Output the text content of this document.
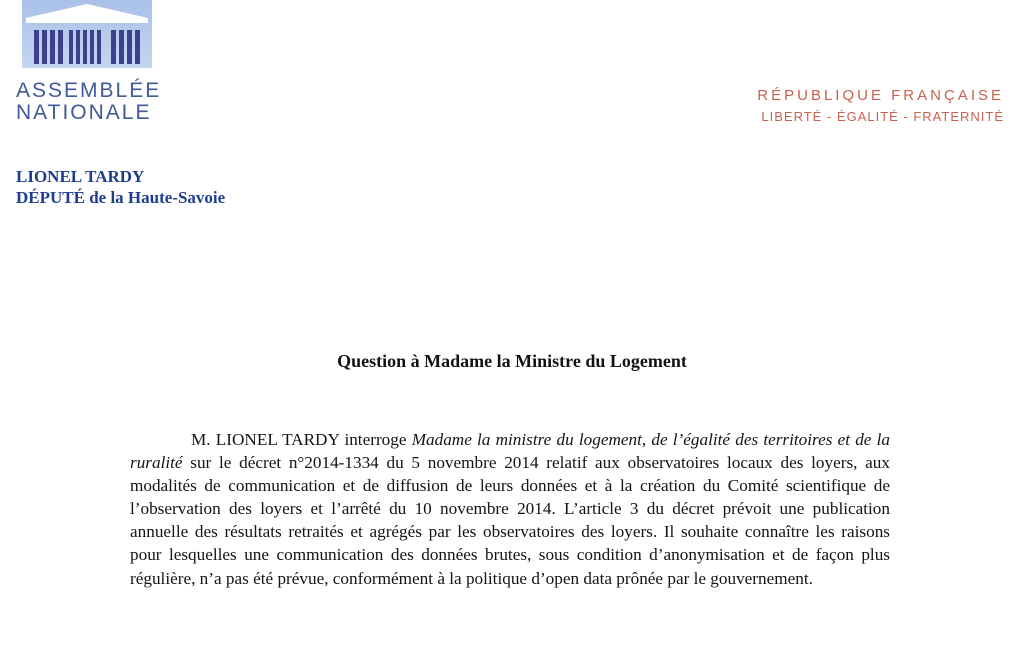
ASSEMBLÉE
NATIONALE
RÉPUBLIQUE FRANÇAISE
LIBERTÉ - ÉGALITÉ - FRATERNITÉ
LIONEL TARDY
DÉPUTÉ de la Haute-Savoie
Question à Madame la Ministre du Logement

M. LIONEL TARDY interroge Madame la ministre du logement, de l’égalité des territoires et de la ruralité sur le décret n°2014-1334 du 5 novembre 2014 relatif aux observatoires locaux des loyers, aux modalités de communication et de diffusion de leurs données et à la création du Comité scientifique de l’observation des loyers et l’arrêté du 10 novembre 2014. L’article 3 du décret prévoit une publication annuelle des résultats retraités et agrégés par les observatoires des loyers. Il souhaite connaître les raisons pour lesquelles une communication des données brutes, sous condition d’anonymisation et de façon plus régulière, n’a pas été prévue, conformément à la politique d’open data prônée par le gouvernement.
